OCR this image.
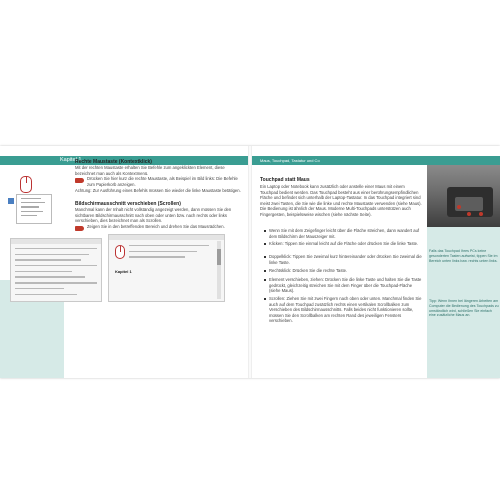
Kapitel 1	Maus, Touchpad, Tastatur und Co
Rechte Maustaste (Kontextklick)
Mit der rechten Maustaste erhalten Sie Befehle zum angeklickten Element, diese bezeichnet man auch als Kontextmenü.
Drücken Sie hier kurz die rechte Maustaste, als Beispiel im Bild links: Die Befehle zum Papierkorb anzeigen.
Achtung: Zur Ausführung eines Befehls müssen Sie wieder die linke Maustaste betätigen.
Bildschirmausschnitt verschieben (Scrollen)
Manchmal kann der Inhalt nicht vollständig angezeigt werden, dann müssen Sie den sichtbaren Bildschirmausschnitt nach oben oder unten bzw. nach rechts oder links verschieben, dies bezeichnet man als Scrollen.
Zeigen Sie in den betreffenden Bereich und drehen Sie das Mausrädchen.
Kapitel 1
Falls das Touchpad Ihres PCs keine gesonderten Tasten aufweist, tippen Sie im Bereich unten links bzw. rechts unten links.
Tipp: Wenn Ihnen bei längeren Arbeiten am Computer die Bedienung des Touchpads zu umständlich wird, schließen Sie einfach eine zusätzliche Maus an.
Touchpad statt Maus
Ein Laptop oder Notebook kann zusätzlich oder anstelle einer Maus mit einem Touchpad bedient werden. Das Touchpad besteht aus einer berührungsempfindlichen Fläche und befindet sich unterhalb der Laptop-Tastatur. In das Touchpad integriert sind meist zwei Tasten, die Sie wie die linke und rechte Maustaste verwenden (siehe Maus). Die Bedienung ist ähnlich der Maus. Moderne Multi-Touchpads unterstützen auch Fingergesten, beispielsweise wischen (siehe nächste Seite).
Wenn Sie mit dem Zeigefinger leicht über die Fläche streichen, dann wandert auf dem Bildschirm der Mauszeiger mit.
Klicken: Tippen Sie einmal leicht auf die Fläche oder drücken Sie die linke Taste.
Doppelklick: Tippen Sie zweimal kurz hintereinander oder drücken Sie zweimal die linke Taste.
Rechtsklick: Drücken Sie die rechte Taste.
Element verschieben, ziehen: Drücken Sie die linke Taste und halten Sie die Taste gedrückt, gleichzeitig streichen Sie mit dem Finger über die Touchpad-Fläche (siehe Maus).
Scrollen: Ziehen Sie mit zwei Fingern nach oben oder unten. Manchmal finden Sie auch auf dem Touchpad zusätzlich rechts einen vertikalen Scrollbalken zum Verschieben des Bildschirmausschnitts. Falls beides nicht funktionieren sollte, müssen Sie den Scrollbalken am rechten Rand des jeweiligen Fensters verschieben.
